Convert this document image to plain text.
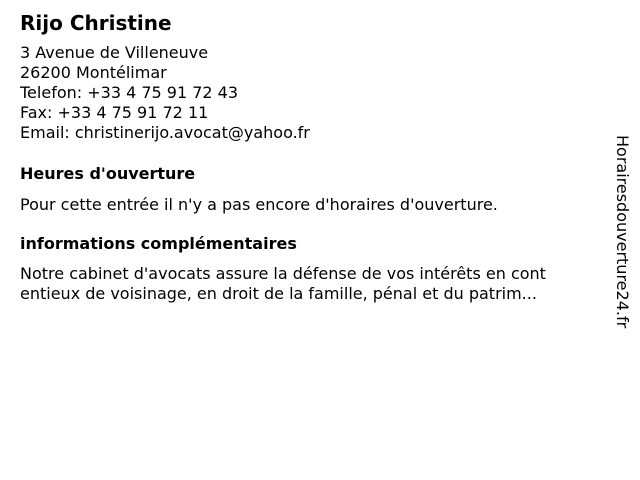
Rijo Christine
3 Avenue de Villeneuve
26200 Montélimar
Telefon: +33 4 75 91 72 43
Fax: +33 4 75 91 72 11
Email: christinerijo.avocat@yahoo.fr
Heures d'ouverture
Pour cette entrée il n'y a pas encore d'horaires d'ouverture.
informations complémentaires
Notre cabinet d'avocats assure la défense de vos intérêts en cont
entieux de voisinage, en droit de la famille, pénal et du patrim...	Horairesdouverture24.fr
